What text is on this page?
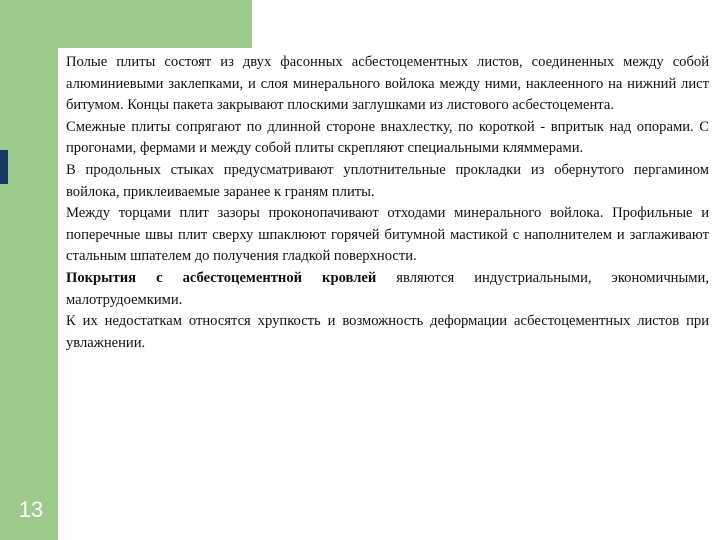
13

Полые плиты состоят из двух фасонных асбестоцементных листов, соединенных между собой алюминиевыми заклепками, и слоя минерального войлока между ними, наклеенного на нижний лист битумом. Концы пакета закрывают плоскими заглушками из листового асбестоцемента.

Смежные плиты сопрягают по длинной стороне внахлестку, по короткой - впритык над опорами. С прогонами, фермами и между собой плиты скрепляют специальными кляммерами.

В продольных стыках предусматривают уплотнительные прокладки из обернутого пергамином войлока, приклеиваемые заранее к граням плиты.

Между торцами плит зазоры проконопачивают отходами минерального войлока. Профильные и поперечные швы плит сверху шпаклюют горячей битумной мастикой с наполнителем и заглаживают стальным шпателем до получения гладкой поверхности.

Покрытия с асбестоцементной кровлей являются индустриальными, экономичными, малотрудоемкими.

К их недостаткам относятся хрупкость и возможность деформации асбестоцементных листов при увлажнении.
